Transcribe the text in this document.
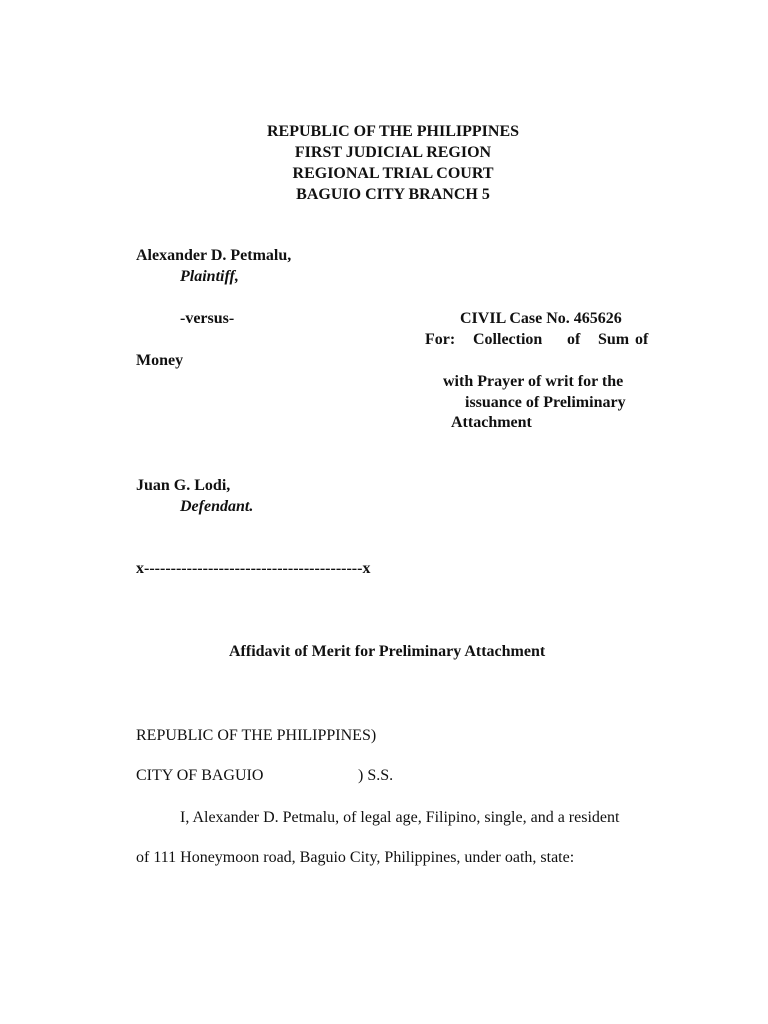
REPUBLIC OF THE PHILIPPINES
FIRST JUDICIAL REGION
REGIONAL TRIAL COURT
BAGUIO CITY BRANCH 5
Alexander D. Petmalu,
Plaintiff,
-versus-	CIVIL Case No. 465626
For: Collection of Sum of
Money
with Prayer of writ for the
issuance of Preliminary
Attachment
Juan G. Lodi,
Defendant.
x-----------------------------------------x
Affidavit of Merit for Preliminary Attachment
REPUBLIC OF THE PHILIPPINES)
CITY OF BAGUIO	) S.S.
I, Alexander D. Petmalu, of legal age, Filipino, single, and a resident
of 111 Honeymoon road, Baguio City, Philippines, under oath, state:
